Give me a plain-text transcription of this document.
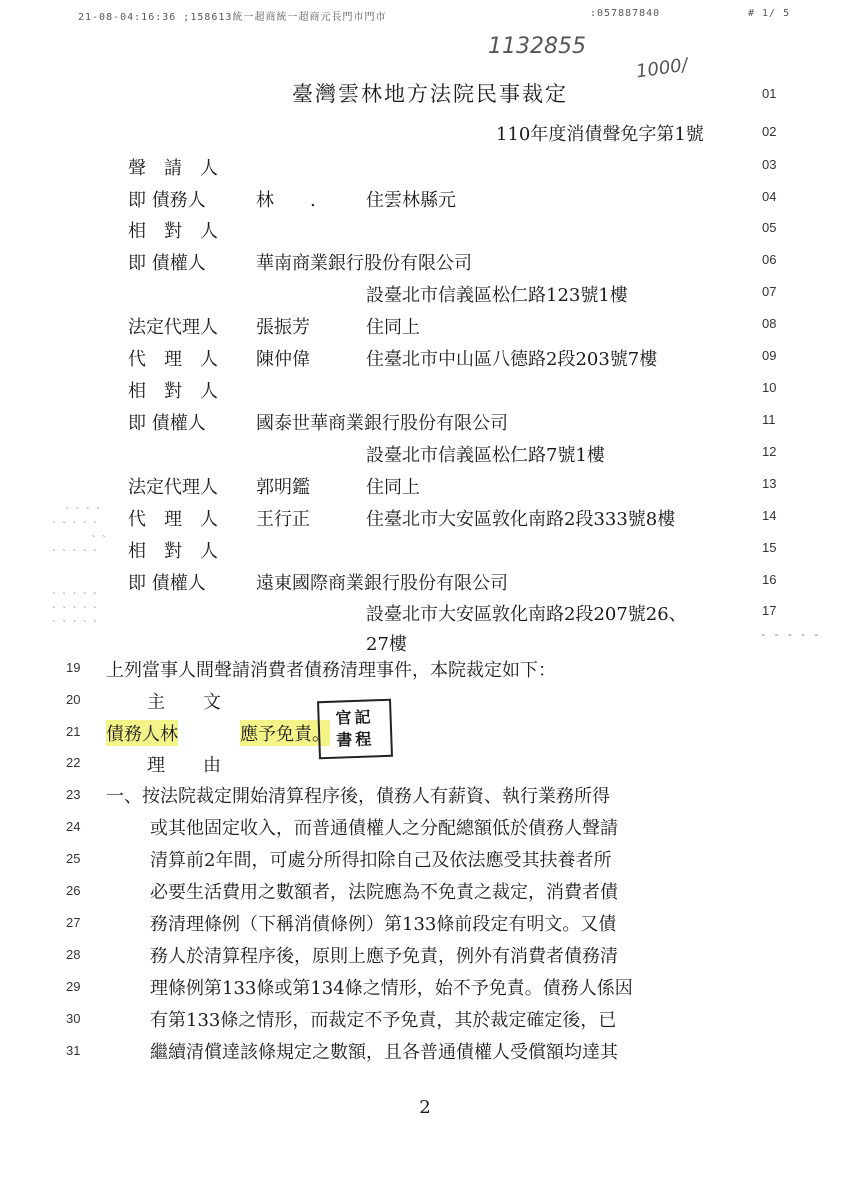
21-08-04:16:36 ;158613統一超商統一超商元長門市門市	:057887840	# 1/ 5
1132855
1000/
臺灣雲林地方法院民事裁定	01
110年度消債聲免字第1號	02
聲　請　人	03
即 債務人	林　　.	住雲林縣元	04
相　對　人	05
即 債權人	華南商業銀行股份有限公司	06
設臺北市信義區松仁路123號1樓	07
法定代理人 張振芳	住同上	08
代　理　人 陳仲偉	住臺北市中山區八德路2段203號7樓	09
相　對　人	10
即 債權人	國泰世華商業銀行股份有限公司	11
設臺北市信義區松仁路7號1樓	12
法定代理人 郭明鑑	住同上	13
代　理　人 王行正	住臺北市大安區敦化南路2段333號8樓	14
相　對　人	15
即 債權人	遠東國際商業銀行股份有限公司	16
設臺北市大安區敦化南路2段207號26、	17
27樓
19	上列當事人間聲請消費者債務清理事件，本院裁定如下：
20	主　文
21	債務人林	應予免責。
22	理　由
23	一、按法院裁定開始清算程序後，債務人有薪資、執行業務所得
24	或其他固定收入，而普通債權人之分配總額低於債務人聲請
25	清算前2年間，可處分所得扣除自己及依法應受其扶養者所
26	必要生活費用之數額者，法院應為不免責之裁定，消費者債
27	務清理條例（下稱消債條例）第133條前段定有明文。又債
28	務人於清算程序後，原則上應予免責，例外有消費者債務清
29	理條例第133條或第134條之情形，始不予免責。債務人係因
30	有第133條之情形，而裁定不予免責，其於裁定確定後，已
31	繼續清償達該條規定之數額，且各普通債權人受償額均達其
官記
書程
2
ˋ ˋ ˋ ˋ
ˋ ˋ ˋ ˋ ˋ
ˋ ˋ
ˋ ˋ ˋ ˋ ˋ
ˋ ˋ ˋ ˋ ˋ
ˋ ˋ ˋ ˋ ˋ
ˋ ˋ ˋ ˋ ˋ
- - - - -
